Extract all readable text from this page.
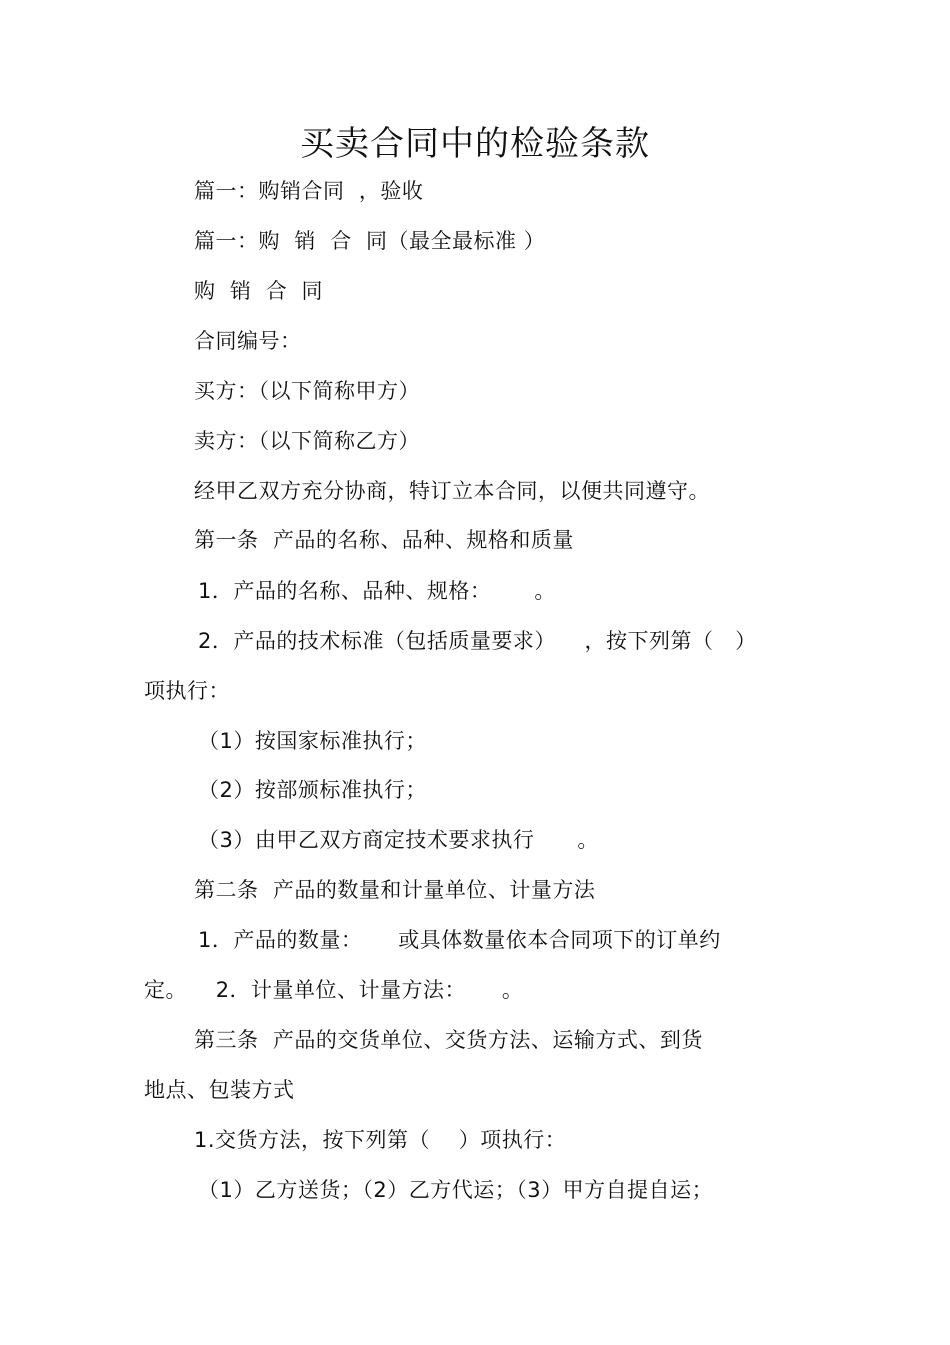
买卖合同中的检验条款
篇一：购销合同  ，验收
篇一：购  销  合  同（最全最标准 ）
购  销  合  同
合同编号：
买方：（以下简称甲方）
卖方：（以下简称乙方）
经甲乙双方充分协商，特订立本合同，以便共同遵守。
第一条  产品的名称、品种、规格和质量
1．产品的名称、品种、规格：      。
2．产品的技术标准（包括质量要求）    ，按下列第（   ）
项执行：
（1）按国家标准执行；
（2）按部颁标准执行；
（3）由甲乙双方商定技术要求执行      。
第二条  产品的数量和计量单位、计量方法
1．产品的数量：     或具体数量依本合同项下的订单约
定。    2．计量单位、计量方法：     。
第三条  产品的交货单位、交货方法、运输方式、到货
地点、包装方式
1.交货方法，按下列第（    ）项执行：
（1）乙方送货；（2）乙方代运；（3）甲方自提自运；
